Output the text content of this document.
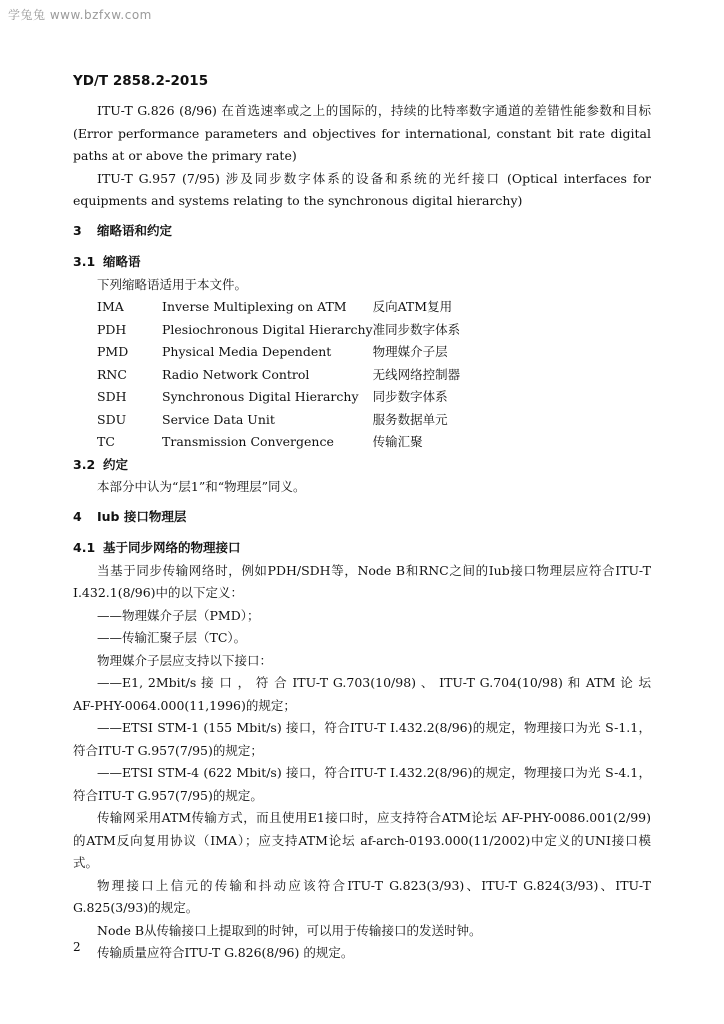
学兔兔 www.bzfxw.com
YD/T 2858.2-2015

ITU-T G.826 (8/96) 在首选速率或之上的国际的，持续的比特率数字通道的差错性能参数和目标(Error performance parameters and objectives for international, constant bit rate digital paths at or above the primary rate)

ITU-T G.957 (7/95) 涉及同步数字体系的设备和系统的光纤接口 (Optical interfaces for equipments and systems relating to the synchronous digital hierarchy)

3 缩略语和约定

3.1 缩略语

下列缩略语适用于本文件。

IMA	Inverse Multiplexing on ATM	反向ATM复用
PDH	Plesiochronous Digital Hierarchy	准同步数字体系
PMD	Physical Media Dependent	物理媒介子层
RNC	Radio Network Control	无线网络控制器
SDH	Synchronous Digital Hierarchy	同步数字体系
SDU	Service Data Unit	服务数据单元
TC	Transmission Convergence	传输汇聚

3.2 约定

本部分中认为“层1”和“物理层”同义。

4 Iub 接口物理层

4.1 基于同步网络的物理接口

当基于同步传输网络时，例如PDH/SDH等，Node B和RNC之间的Iub接口物理层应符合ITU-T I.432.1(8/96)中的以下定义：

——物理媒介子层（PMD）；

——传输汇聚子层（TC）。

物理媒介子层应支持以下接口：

——E1, 2Mbit/s 接 口 ， 符 合 ITU-T G.703(10/98) 、 ITU-T G.704(10/98) 和 ATM 论 坛

AF-PHY-0064.000(11,1996)的规定；

——ETSI STM-1 (155 Mbit/s) 接口，符合ITU-T I.432.2(8/96)的规定，物理接口为光 S-1.1，符合ITU-T G.957(7/95)的规定；

——ETSI STM-4 (622 Mbit/s) 接口，符合ITU-T I.432.2(8/96)的规定，物理接口为光 S-4.1，符合ITU-T G.957(7/95)的规定。

传输网采用ATM传输方式，而且使用E1接口时，应支持符合ATM论坛 AF-PHY-0086.001(2/99)的ATM反向复用协议（IMA）；应支持ATM论坛 af-arch-0193.000(11/2002)中定义的UNI接口模式。

物理接口上信元的传输和抖动应该符合ITU-T G.823(3/93)、ITU-T G.824(3/93)、ITU-T G.825(3/93)的规定。

Node B从传输接口上提取到的时钟，可以用于传输接口的发送时钟。

传输质量应符合ITU-T G.826(8/96) 的规定。

2
